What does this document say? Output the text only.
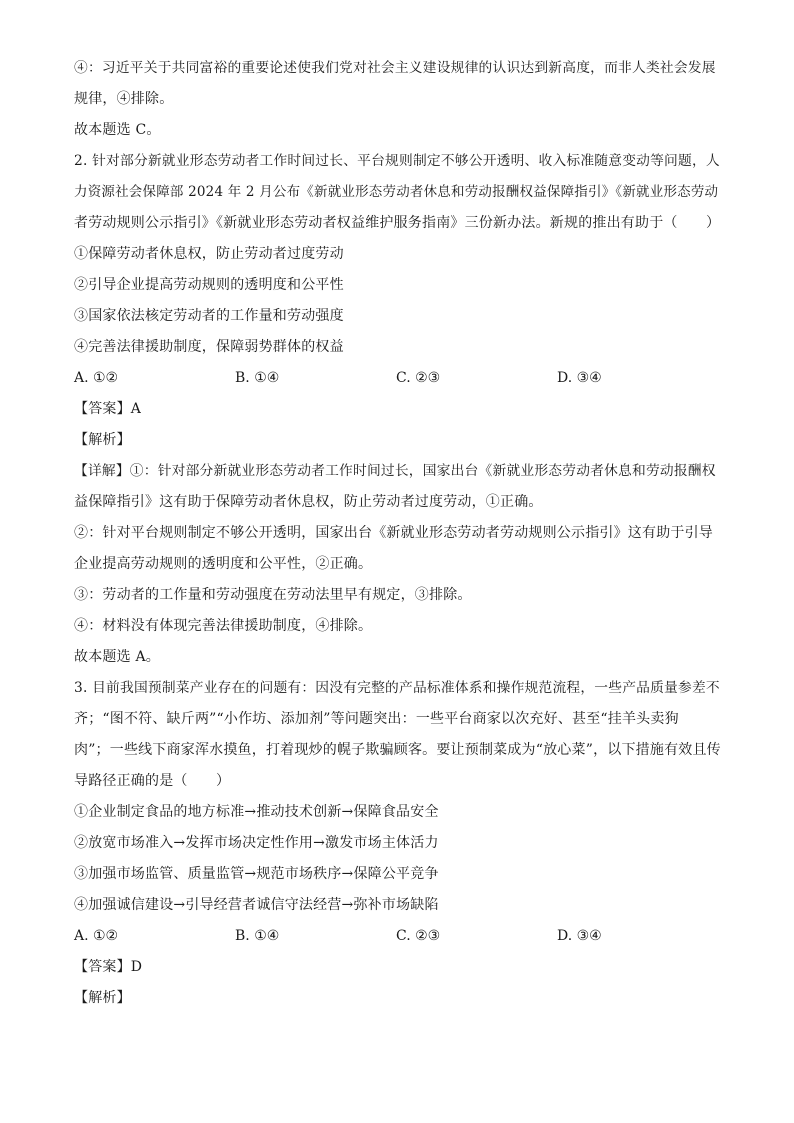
④：习近平关于共同富裕的重要论述使我们党对社会主义建设规律的认识达到新高度，而非人类社会发展
规律，④排除。
故本题选 C。
2. 针对部分新就业形态劳动者工作时间过长、平台规则制定不够公开透明、收入标准随意变动等问题，人
力资源社会保障部 2024 年 2 月公布《新就业形态劳动者休息和劳动报酬权益保障指引》《新就业形态劳动
者劳动规则公示指引》《新就业形态劳动者权益维护服务指南》三份新办法。新规的推出有助于（　　）
①保障劳动者休息权，防止劳动者过度劳动
②引导企业提高劳动规则的透明度和公平性
③国家依法核定劳动者的工作量和劳动强度
④完善法律援助制度，保障弱势群体的权益
A. ①②	B. ①④	C. ②③	D. ③④
【答案】A
【解析】
【详解】①：针对部分新就业形态劳动者工作时间过长，国家出台《新就业形态劳动者休息和劳动报酬权
益保障指引》这有助于保障劳动者休息权，防止劳动者过度劳动，①正确。
②：针对平台规则制定不够公开透明，国家出台《新就业形态劳动者劳动规则公示指引》这有助于引导
企业提高劳动规则的透明度和公平性，②正确。
③：劳动者的工作量和劳动强度在劳动法里早有规定，③排除。
④：材料没有体现完善法律援助制度，④排除。
故本题选 A。
3. 目前我国预制菜产业存在的问题有：因没有完整的产品标准体系和操作规范流程，一些产品质量参差不
齐；“图不符、缺斤两”“小作坊、添加剂”等问题突出：一些平台商家以次充好、甚至“挂羊头卖狗
肉”；一些线下商家浑水摸鱼，打着现炒的幌子欺骗顾客。要让预制菜成为“放心菜”，以下措施有效且传
导路径正确的是（　　）
①企业制定食品的地方标准→推动技术创新→保障食品安全
②放宽市场准入→发挥市场决定性作用→激发市场主体活力
③加强市场监管、质量监管→规范市场秩序→保障公平竞争
④加强诚信建设→引导经营者诚信守法经营→弥补市场缺陷
A. ①②	B. ①④	C. ②③	D. ③④
【答案】D
【解析】
